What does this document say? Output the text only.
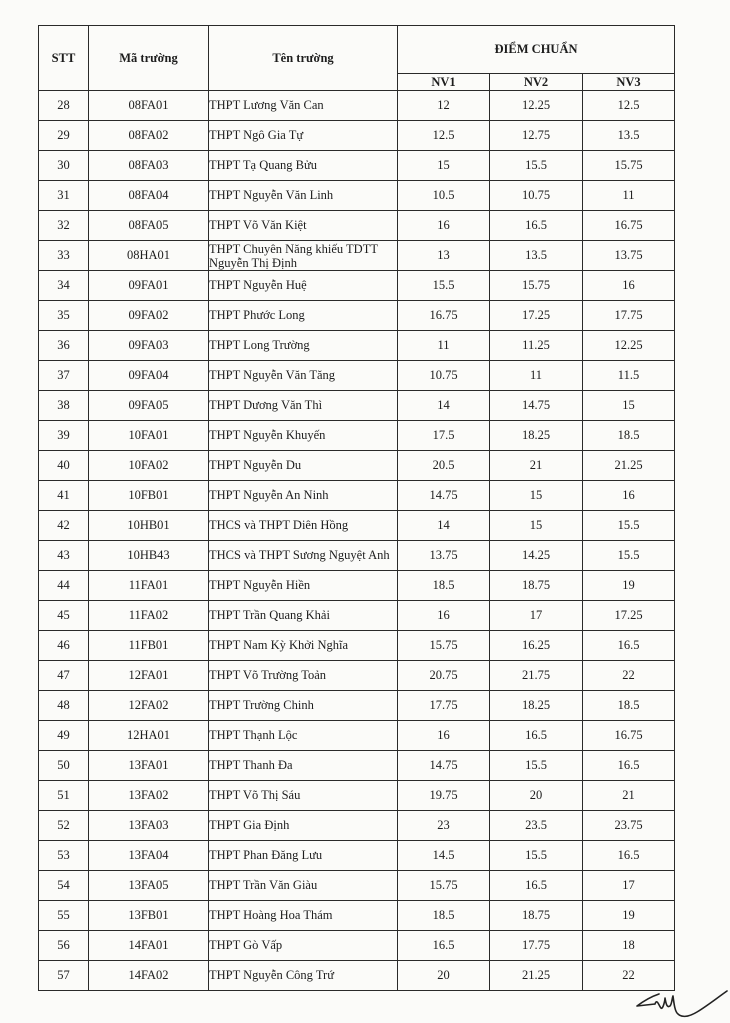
STT	Mã trường	Tên trường	ĐIỂM CHUẨN		
			NV1	NV2	NV3
28	08FA01	THPT Lương Văn Can	12	12.25	12.5
29	08FA02	THPT Ngô Gia Tự	12.5	12.75	13.5
30	08FA03	THPT Tạ Quang Bửu	15	15.5	15.75
31	08FA04	THPT Nguyễn Văn Linh	10.5	10.75	11
32	08FA05	THPT Võ Văn Kiệt	16	16.5	16.75
33	08HA01	THPT Chuyên Năng khiếu TDTT Nguyễn Thị Định	13	13.5	13.75
34	09FA01	THPT Nguyễn Huệ	15.5	15.75	16
35	09FA02	THPT Phước Long	16.75	17.25	17.75
36	09FA03	THPT Long Trường	11	11.25	12.25
37	09FA04	THPT Nguyễn Văn Tăng	10.75	11	11.5
38	09FA05	THPT Dương Văn Thì	14	14.75	15
39	10FA01	THPT Nguyễn Khuyến	17.5	18.25	18.5
40	10FA02	THPT Nguyễn Du	20.5	21	21.25
41	10FB01	THPT Nguyễn An Ninh	14.75	15	16
42	10HB01	THCS và THPT Diên Hồng	14	15	15.5
43	10HB43	THCS và THPT Sương Nguyệt Anh	13.75	14.25	15.5
44	11FA01	THPT Nguyễn Hiền	18.5	18.75	19
45	11FA02	THPT Trần Quang Khải	16	17	17.25
46	11FB01	THPT Nam Kỳ Khởi Nghĩa	15.75	16.25	16.5
47	12FA01	THPT Võ Trường Toản	20.75	21.75	22
48	12FA02	THPT Trường Chinh	17.75	18.25	18.5
49	12HA01	THPT Thạnh Lộc	16	16.5	16.75
50	13FA01	THPT Thanh Đa	14.75	15.5	16.5
51	13FA02	THPT Võ Thị Sáu	19.75	20	21
52	13FA03	THPT Gia Định	23	23.5	23.75
53	13FA04	THPT Phan Đăng Lưu	14.5	15.5	16.5
54	13FA05	THPT Trần Văn Giàu	15.75	16.5	17
55	13FB01	THPT Hoàng Hoa Thám	18.5	18.75	19
56	14FA01	THPT Gò Vấp	16.5	17.75	18
57	14FA02	THPT Nguyễn Công Trứ	20	21.25	22
